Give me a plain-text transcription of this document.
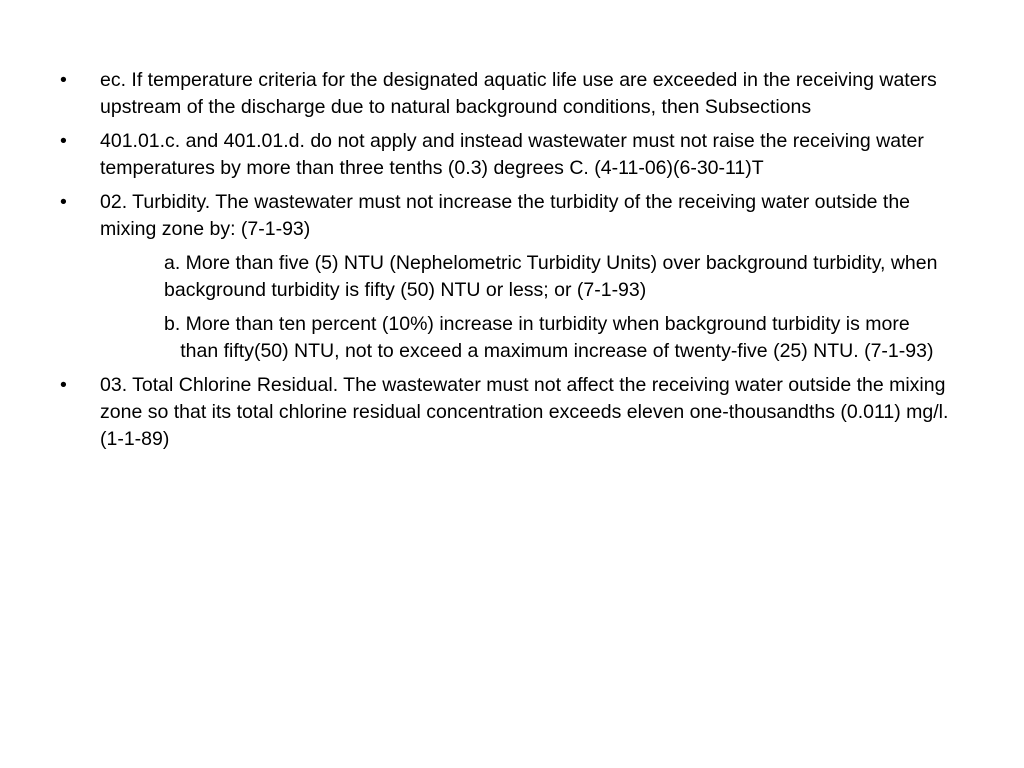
• ec. If temperature criteria for the designated aquatic life use are exceeded in the receiving waters upstream of the discharge due to natural background conditions, then Subsections
• 401.01.c. and 401.01.d. do not apply and instead wastewater must not raise the receiving water temperatures by more than three tenths (0.3) degrees C. (4-11-06)(6-30-11)T
• 02. Turbidity. The wastewater must not increase the turbidity of the receiving water outside the mixing zone by: (7-1-93)
a. More than five (5) NTU (Nephelometric Turbidity Units) over background turbidity, when background turbidity is fifty (50) NTU or less; or (7-1-93)
b. More than ten percent (10%) increase in turbidity when background turbidity is more    than fifty(50) NTU, not to exceed a maximum increase of twenty-five (25) NTU. (7-1-93)
• 03. Total Chlorine Residual. The wastewater must not affect the receiving water outside the mixing zone so that its total chlorine residual concentration exceeds eleven one-thousandths (0.011) mg/l. (1-1-89)
